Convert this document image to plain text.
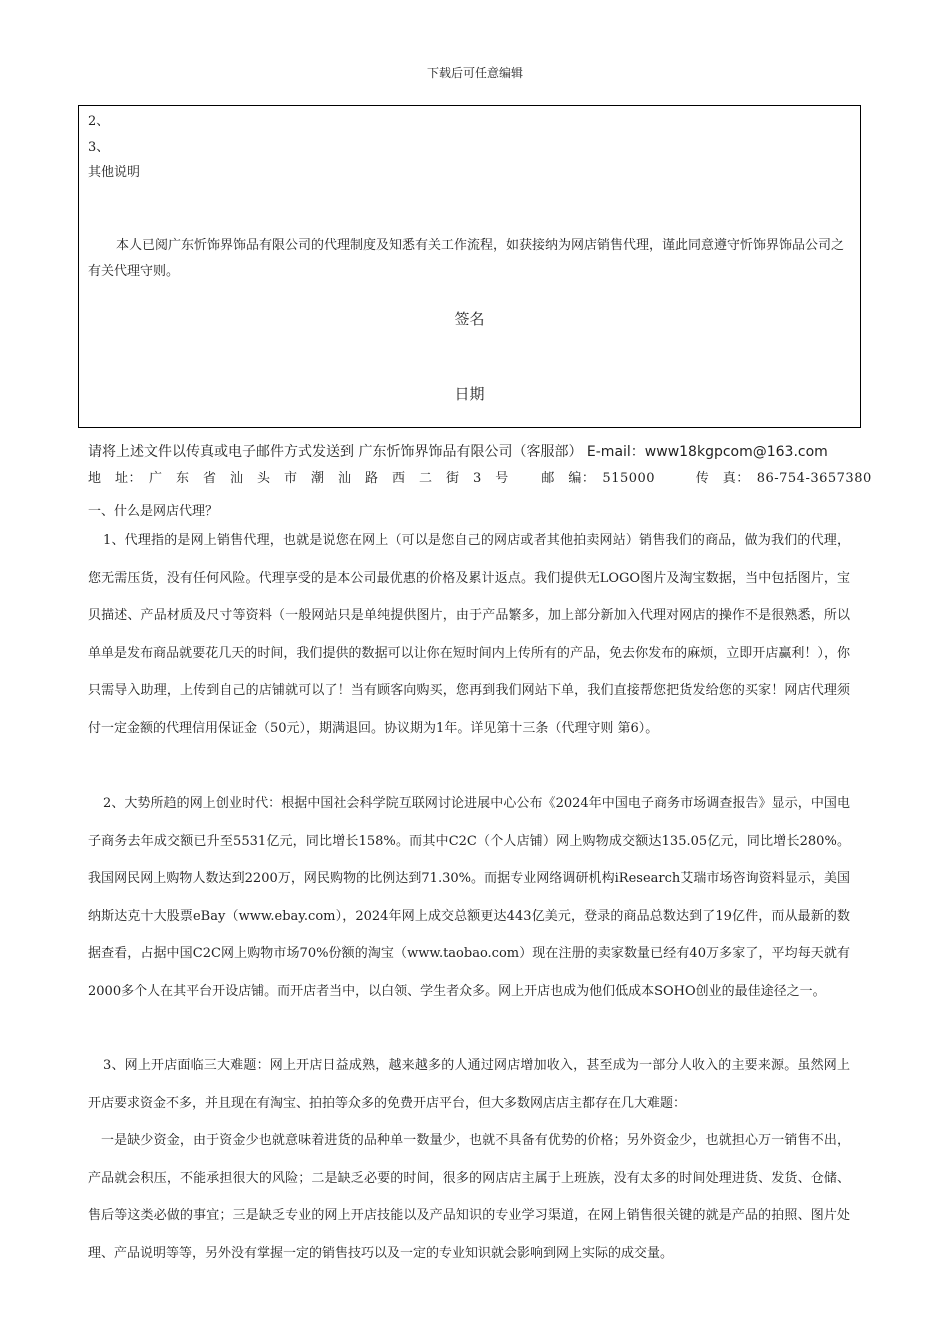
下载后可任意编辑
2、
3、
其他说明
本人已阅广东忻饰界饰品有限公司的代理制度及知悉有关工作流程，如获接纳为网店销售代理，谨此同意遵守忻饰界饰品公司之有关代理守则。
签名
日期
请将上述文件以传真或电子邮件方式发送到 广东忻饰界饰品有限公司（客服部） E-mail：www18kgpcom@163.com
地　址：　广　东　省　汕　头　市　潮　汕　路　西　二　街　3　号	邮　编：　515000	传　真：　86-754-3657380
一、什么是网店代理？
1、代理指的是网上销售代理，也就是说您在网上（可以是您自己的网店或者其他拍卖网站）销售我们的商品，做为我们的代理，您无需压货，没有任何风险。代理享受的是本公司最优惠的价格及累计返点。我们提供无LOGO图片及淘宝数据，当中包括图片，宝贝描述、产品材质及尺寸等资料（一般网站只是单纯提供图片，由于产品繁多，加上部分新加入代理对网店的操作不是很熟悉，所以单单是发布商品就要花几天的时间，我们提供的数据可以让你在短时间内上传所有的产品，免去你发布的麻烦，立即开店赢利！），你只需导入助理，上传到自己的店铺就可以了！当有顾客向购买，您再到我们网站下单，我们直接帮您把货发给您的买家！网店代理须付一定金额的代理信用保证金（50元），期满退回。协议期为1年。详见第十三条（代理守则 第6）。
2、大势所趋的网上创业时代：根据中国社会科学院互联网讨论进展中心公布《2024年中国电子商务市场调查报告》显示，中国电子商务去年成交额已升至5531亿元，同比增长158%。而其中C2C（个人店铺）网上购物成交额达135.05亿元，同比增长280%。我国网民网上购物人数达到2200万，网民购物的比例达到71.30%。而据专业网络调研机构iResearch艾瑞市场咨询资料显示，美国纳斯达克十大股票eBay（www.ebay.com），2024年网上成交总额更达443亿美元，登录的商品总数达到了19亿件，而从最新的数据查看，占据中国C2C网上购物市场70%份额的淘宝（www.taobao.com）现在注册的卖家数量已经有40万多家了，平均每天就有2000多个人在其平台开设店铺。而开店者当中，以白领、学生者众多。网上开店也成为他们低成本SOHO创业的最佳途径之一。
3、网上开店面临三大难题：网上开店日益成熟，越来越多的人通过网店增加收入，甚至成为一部分人收入的主要来源。虽然网上开店要求资金不多，并且现在有淘宝、拍拍等众多的免费开店平台，但大多数网店店主都存在几大难题：
一是缺少资金，由于资金少也就意味着进货的品种单一数量少，也就不具备有优势的价格；另外资金少，也就担心万一销售不出，产品就会积压，不能承担很大的风险；二是缺乏必要的时间，很多的网店店主属于上班族，没有太多的时间处理进货、发货、仓储、售后等这类必做的事宜；三是缺乏专业的网上开店技能以及产品知识的专业学习渠道，在网上销售很关键的就是产品的拍照、图片处理、产品说明等等，另外没有掌握一定的销售技巧以及一定的专业知识就会影响到网上实际的成交量。
